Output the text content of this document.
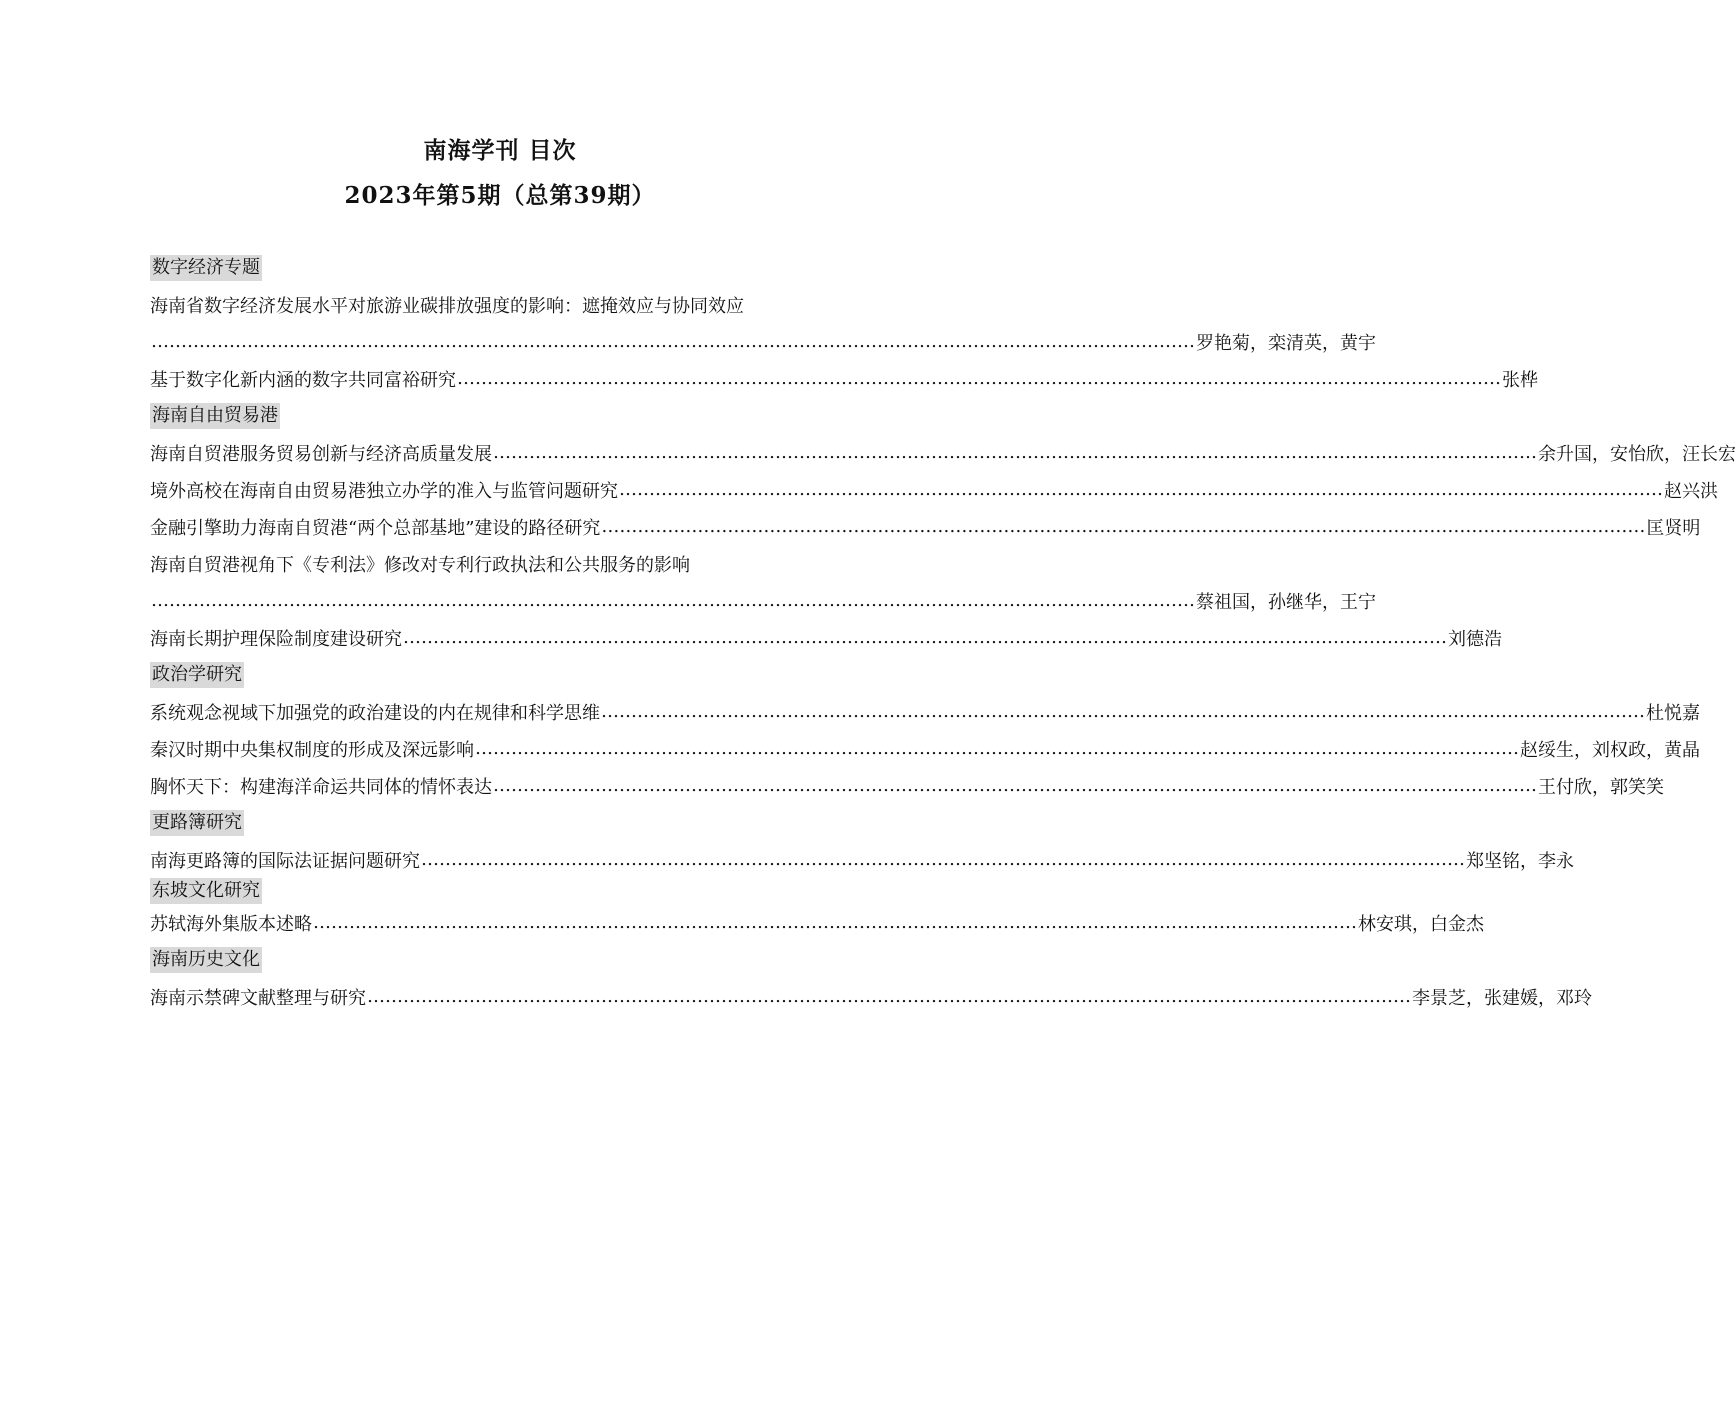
南海学刊 目次
2023年第5期（总第39期）
数字经济专题
海南省数字经济发展水平对旅游业碳排放强度的影响：遮掩效应与协同效应
………………………………………………………………………………………………………………………………………………………… 罗艳菊，栾清英，黄宇
基于数字化新内涵的数字共同富裕研究 ………………………………………………………………………………………………………………………………………………………… 张桦
海南自由贸易港
海南自贸港服务贸易创新与经济高质量发展 ………………………………………………………………………………………………………………………………………………………… 余升国，安怡欣，汪长宏
境外高校在海南自由贸易港独立办学的准入与监管问题研究 ………………………………………………………………………………………………………………………………………………………… 赵兴洪
金融引擎助力海南自贸港“两个总部基地”建设的路径研究 ………………………………………………………………………………………………………………………………………………………… 匡贤明
海南自贸港视角下《专利法》修改对专利行政执法和公共服务的影响
………………………………………………………………………………………………………………………………………………………… 蔡祖国，孙继华，王宁
海南长期护理保险制度建设研究 ………………………………………………………………………………………………………………………………………………………… 刘德浩
政治学研究
系统观念视域下加强党的政治建设的内在规律和科学思维 ………………………………………………………………………………………………………………………………………………………… 杜悦嘉
秦汉时期中央集权制度的形成及深远影响 ………………………………………………………………………………………………………………………………………………………… 赵绥生，刘权政，黄晶
胸怀天下：构建海洋命运共同体的情怀表达 ………………………………………………………………………………………………………………………………………………………… 王付欣，郭笑笑
更路簿研究
南海更路簿的国际法证据问题研究 ………………………………………………………………………………………………………………………………………………………… 郑坚铭，李永
东坡文化研究
苏轼海外集版本述略 ………………………………………………………………………………………………………………………………………………………… 林安琪，白金杰
海南历史文化
海南示禁碑文献整理与研究 ………………………………………………………………………………………………………………………………………………………… 李景芝，张建媛，邓玲
